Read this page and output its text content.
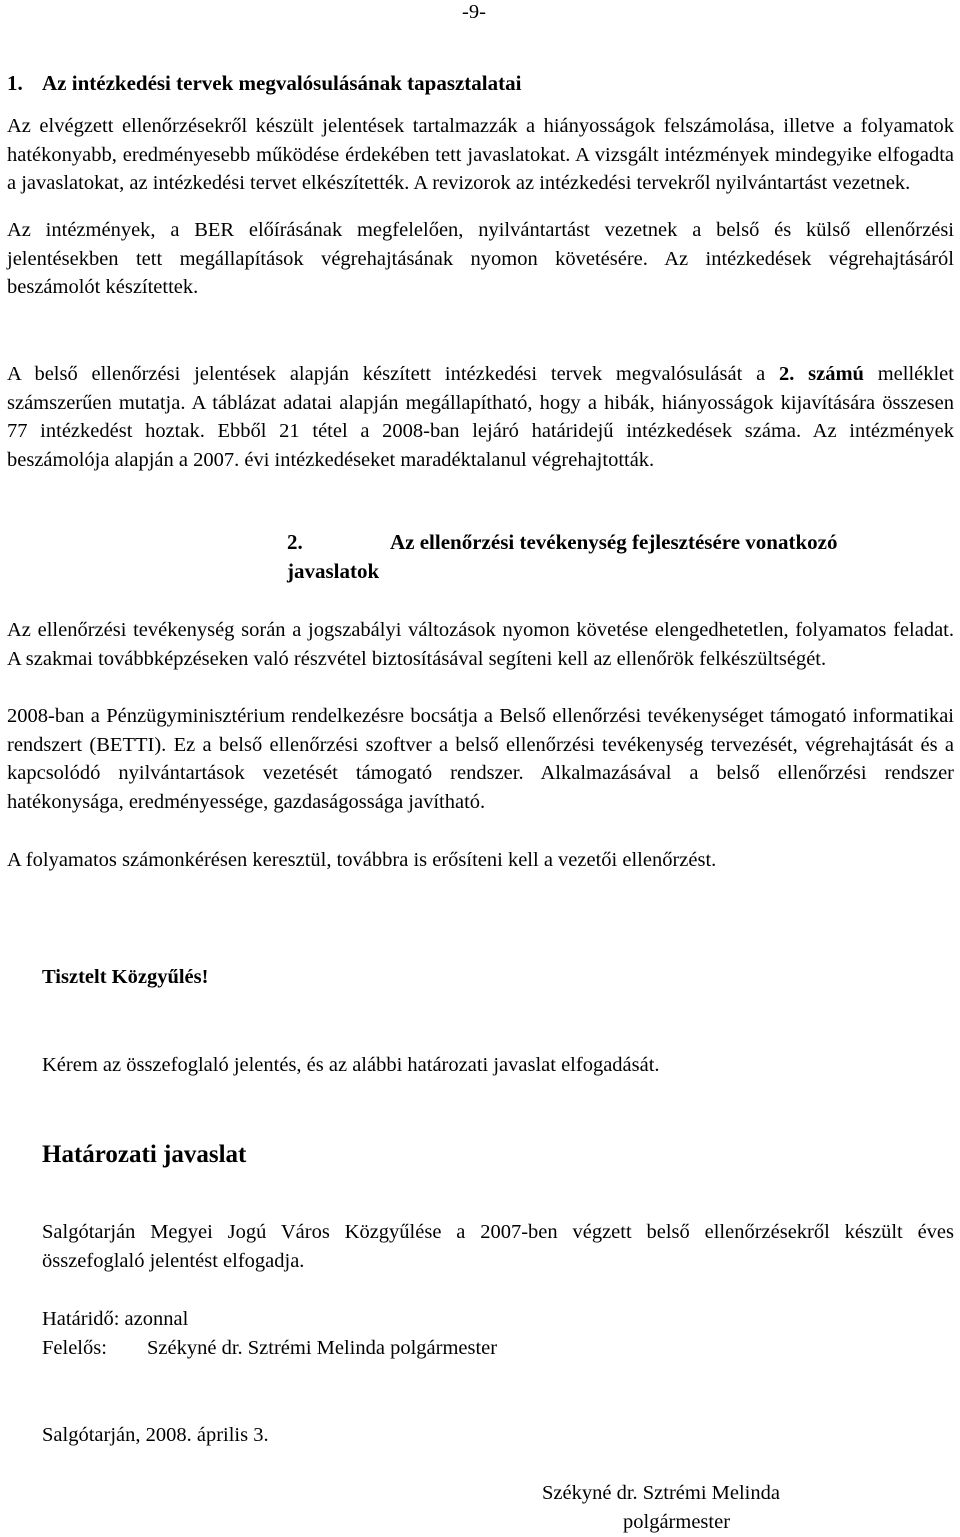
-9-
1. Az intézkedési tervek megvalósulásának tapasztalatai

Az elvégzett ellenőrzésekről készült jelentések tartalmazzák a hiányosságok felszámolása, illetve a folyamatok hatékonyabb, eredményesebb működése érdekében tett javaslatokat. A vizsgált intézmények mindegyike elfogadta a javaslatokat, az intézkedési tervet elkészítették. A revizorok az intézkedési tervekről nyilvántartást vezetnek.

Az intézmények, a BER előírásának megfelelően, nyilvántartást vezetnek a belső és külső ellenőrzési jelentésekben tett megállapítások végrehajtásának nyomon követésére. Az intézkedések végrehajtásáról beszámolót készítettek.

A belső ellenőrzési jelentések alapján készített intézkedési tervek megvalósulását a 2. számú melléklet számszerűen mutatja. A táblázat adatai alapján megállapítható, hogy a hibák, hiányosságok kijavítására összesen 77 intézkedést hoztak. Ebből 21 tétel a 2008-ban lejáró határidejű intézkedések száma. Az intézmények beszámolója alapján a 2007. évi intézkedéseket maradéktalanul végrehajtották.

2.	Az ellenőrzési tevékenység fejlesztésére vonatkozó
javaslatok

Az ellenőrzési tevékenység során a jogszabályi változások nyomon követése elengedhetetlen, folyamatos feladat. A szakmai továbbképzéseken való részvétel biztosításával segíteni kell az ellenőrök felkészültségét.

2008-ban a Pénzügyminisztérium rendelkezésre bocsátja a Belső ellenőrzési tevékenységet támogató informatikai rendszert (BETTI). Ez a belső ellenőrzési szoftver a belső ellenőrzési tevékenység tervezését, végrehajtását és a kapcsolódó nyilvántartások vezetését támogató rendszer. Alkalmazásával a belső ellenőrzési rendszer hatékonysága, eredményessége, gazdaságossága javítható.

A folyamatos számonkérésen keresztül, továbbra is erősíteni kell a vezetői ellenőrzést.

Tisztelt Közgyűlés!
Kérem az összefoglaló jelentés, és az alábbi határozati javaslat elfogadását.
Határozati javaslat

Salgótarján Megyei Jogú Város Közgyűlése a 2007-ben végzett belső ellenőrzésekről készült éves összefoglaló jelentést elfogadja.

Határidő: azonnal
Felelős: Székyné dr. Sztrémi Melinda polgármester
Salgótarján, 2008. április 3.
Székyné dr. Sztrémi Melinda
polgármester
